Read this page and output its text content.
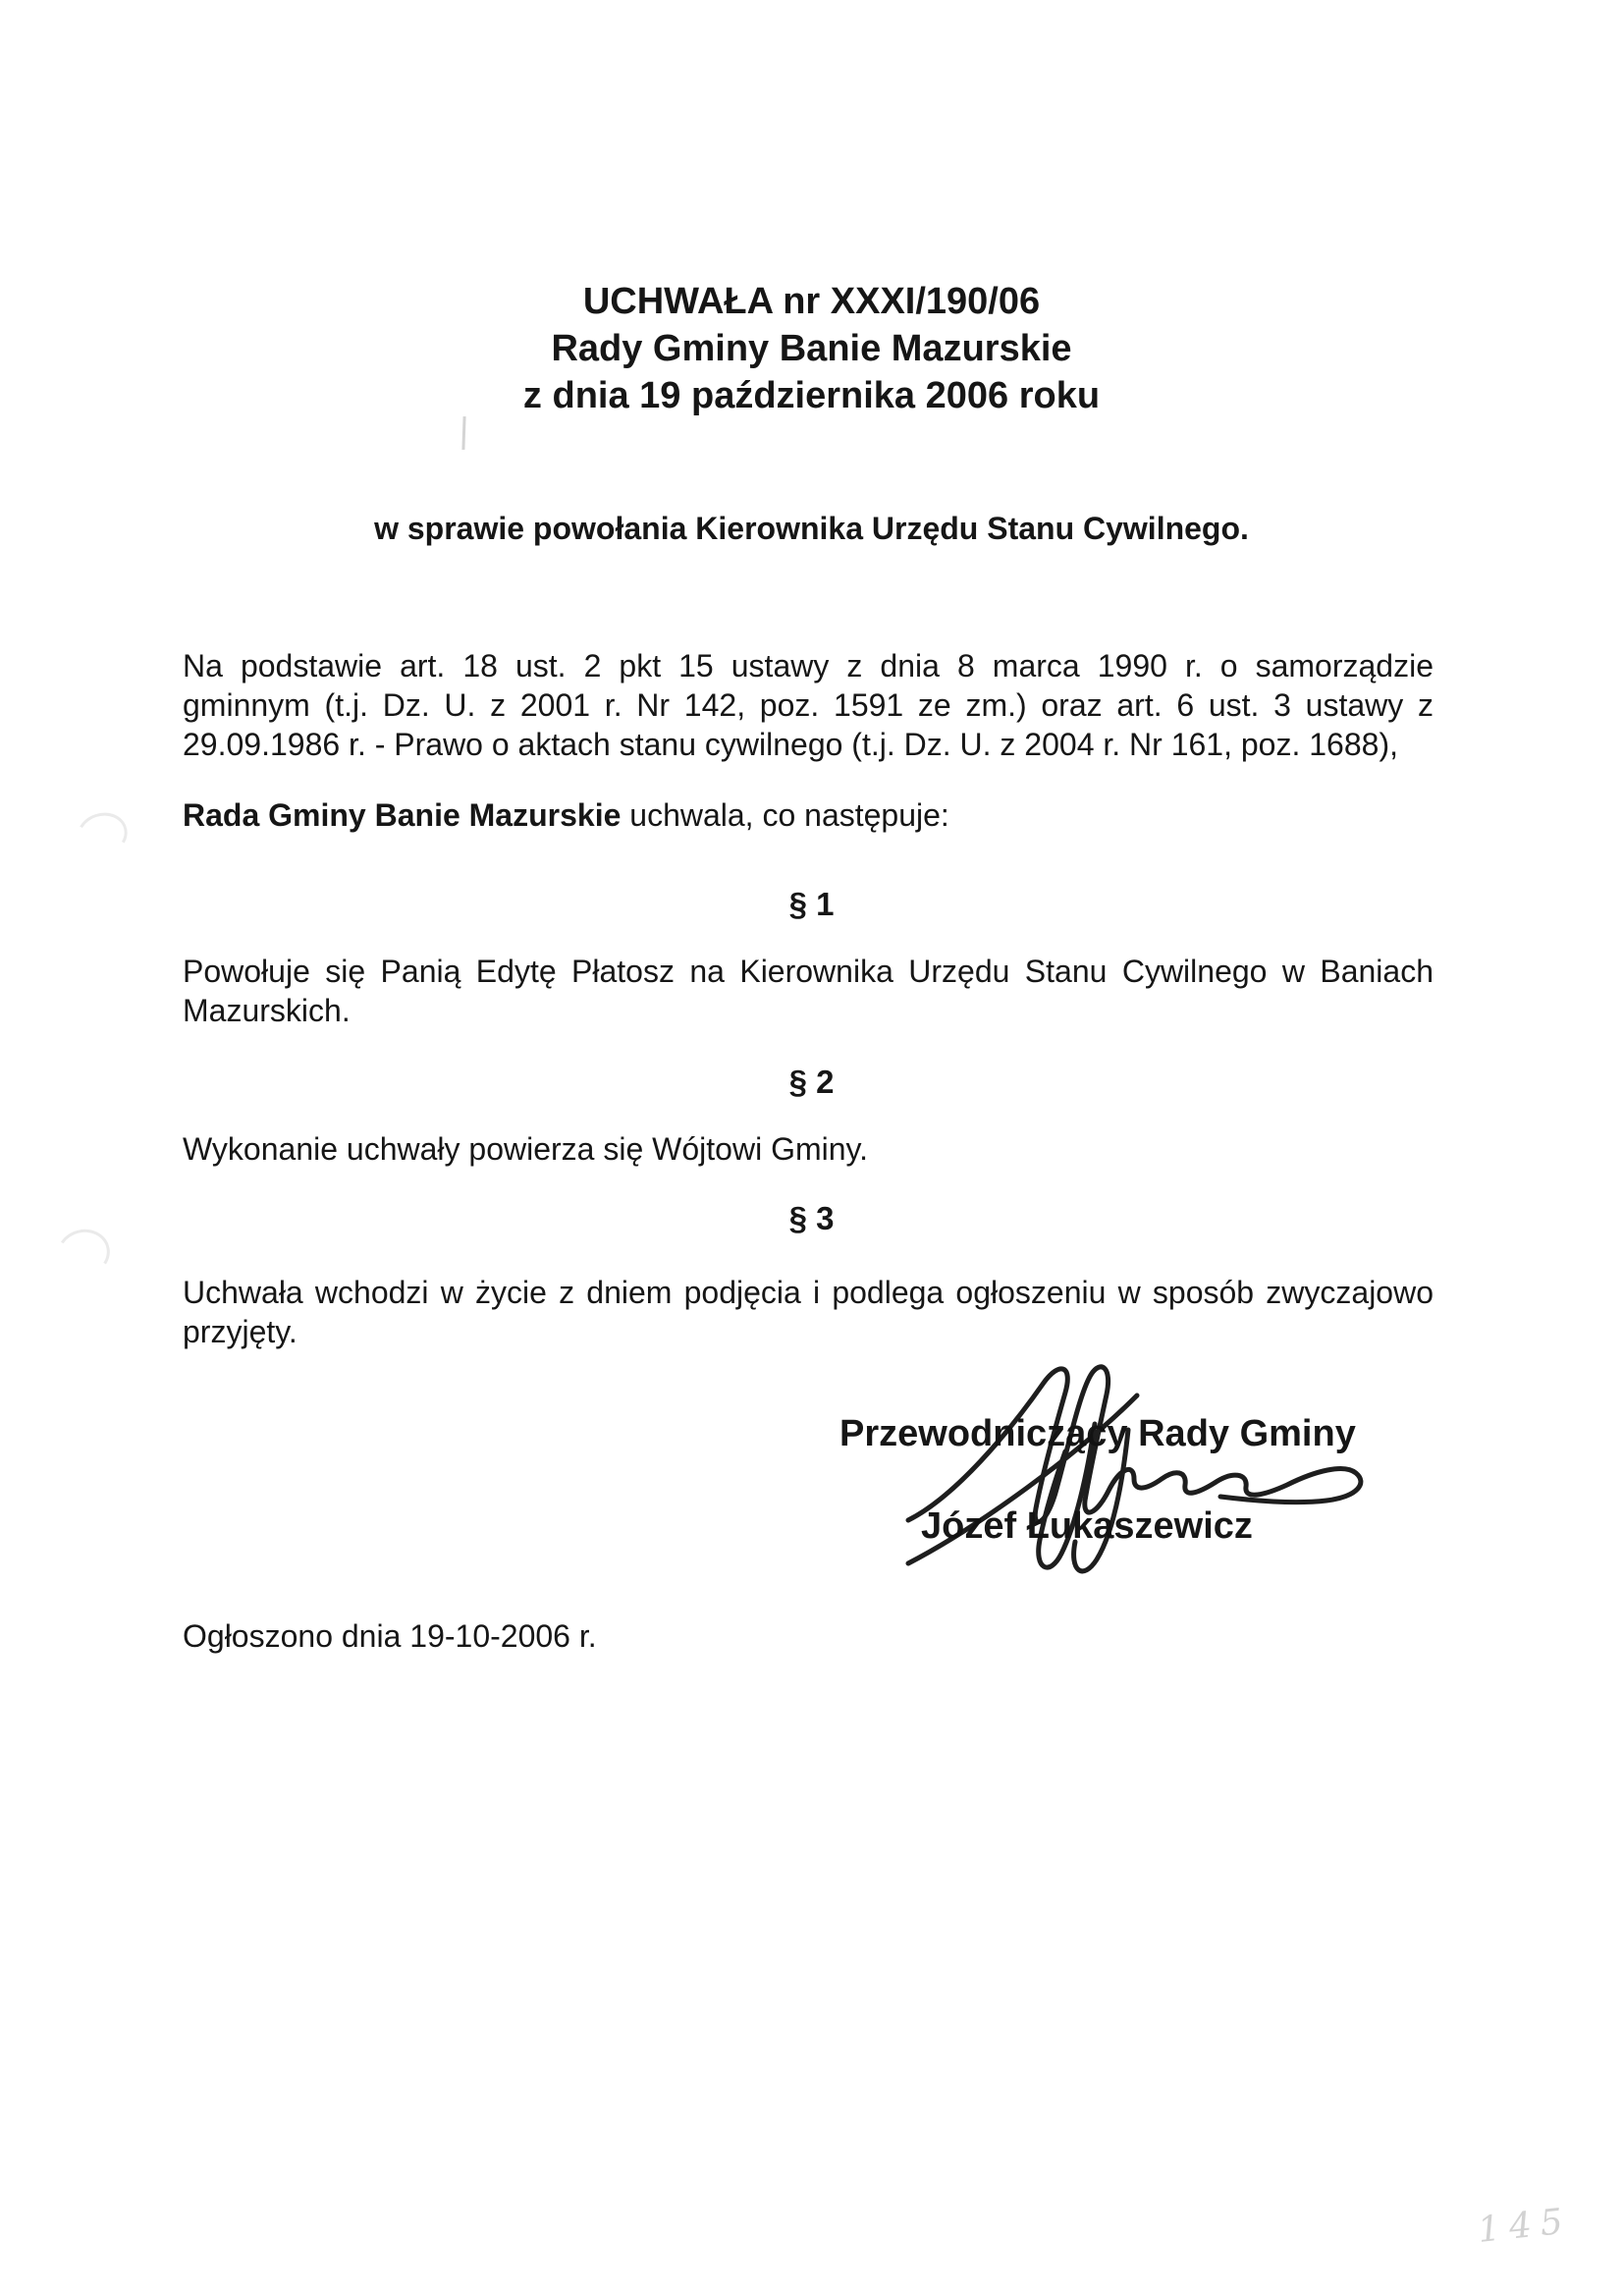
UCHWAŁA nr XXXI/190/06
Rady Gminy Banie Mazurskie
z dnia 19 października 2006 roku
w sprawie powołania Kierownika Urzędu Stanu Cywilnego.
Na podstawie art. 18 ust. 2 pkt 15 ustawy z dnia 8 marca 1990 r. o samorządzie
gminnym (t.j. Dz. U. z 2001 r. Nr 142, poz. 1591 ze zm.) oraz art. 6 ust. 3 ustawy z
29.09.1986 r. - Prawo o aktach stanu cywilnego (t.j. Dz. U. z 2004 r. Nr 161, poz. 1688),
Rada Gminy Banie Mazurskie uchwala, co następuje:
§ 1
Powołuje się Panią Edytę Płatosz na Kierownika Urzędu Stanu Cywilnego w Baniach
Mazurskich.
§ 2
Wykonanie uchwały powierza się Wójtowi Gminy.
§ 3
Uchwała wchodzi w życie z dniem podjęcia i podlega ogłoszeniu w sposób zwyczajowo
przyjęty.
Przewodniczący Rady Gminy
Józef Łukaszewicz
Ogłoszono dnia 19-10-2006 r.
145
